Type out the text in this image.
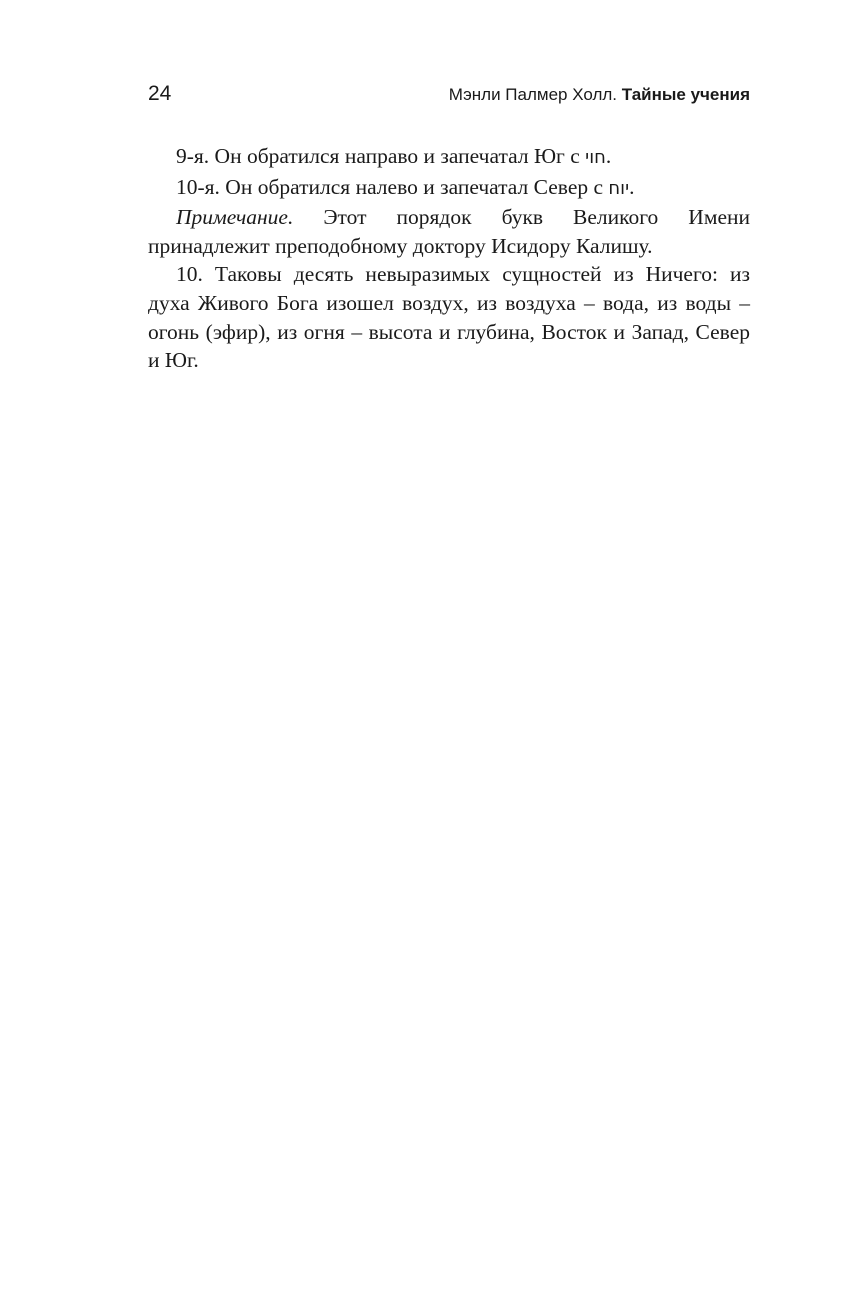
24	Мэнли Палмер Холл. Тайные учения

9-я. Он обратился направо и запечатал Юг с חוי.

10-я. Он обратился налево и запечатал Север с יוח.

Примечание. Этот порядок букв Великого Имени принадлежит преподобному доктору Исидору Калишу.

10. Таковы десять невыразимых сущностей из Ничего: из духа Живого Бога изошел воздух, из воздуха – вода, из воды – огонь (эфир), из огня – высота и глубина, Восток и Запад, Север и Юг.
